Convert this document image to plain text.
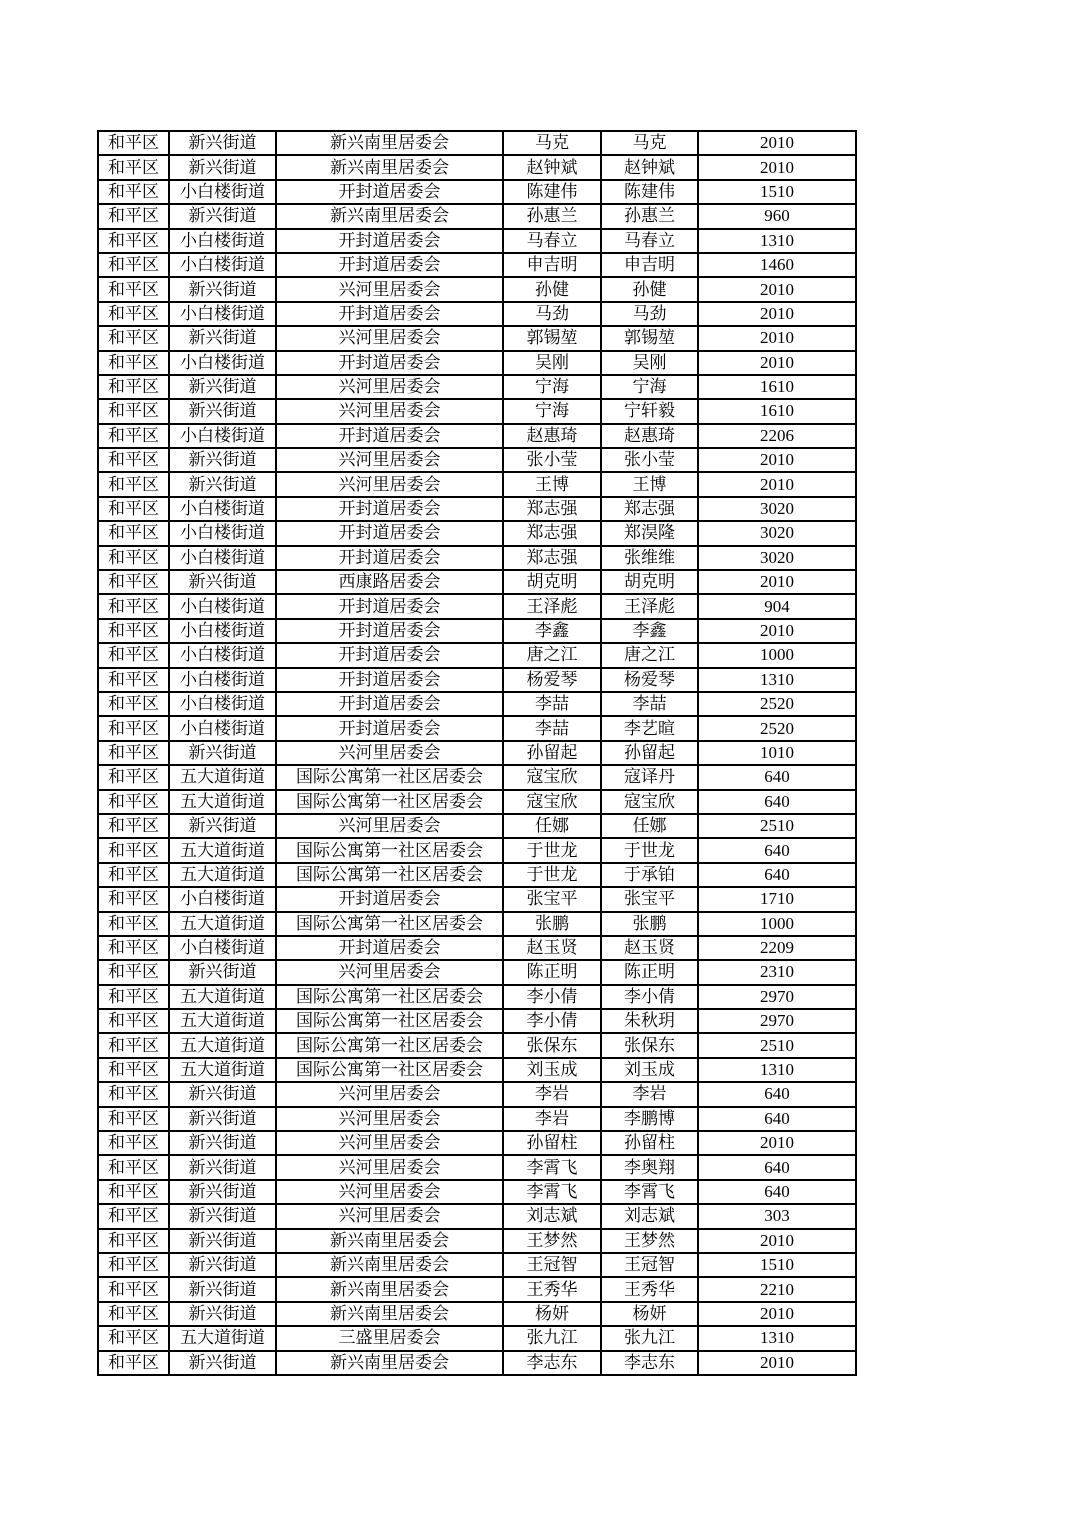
和平区	新兴街道	新兴南里居委会	马克	马克	2010
和平区	新兴街道	新兴南里居委会	赵钟斌	赵钟斌	2010
和平区	小白楼街道	开封道居委会	陈建伟	陈建伟	1510
和平区	新兴街道	新兴南里居委会	孙惠兰	孙惠兰	960
和平区	小白楼街道	开封道居委会	马春立	马春立	1310
和平区	小白楼街道	开封道居委会	申吉明	申吉明	1460
和平区	新兴街道	兴河里居委会	孙健	孙健	2010
和平区	小白楼街道	开封道居委会	马劲	马劲	2010
和平区	新兴街道	兴河里居委会	郭锡堃	郭锡堃	2010
和平区	小白楼街道	开封道居委会	吴刚	吴刚	2010
和平区	新兴街道	兴河里居委会	宁海	宁海	1610
和平区	新兴街道	兴河里居委会	宁海	宁轩毅	1610
和平区	小白楼街道	开封道居委会	赵惠琦	赵惠琦	2206
和平区	新兴街道	兴河里居委会	张小莹	张小莹	2010
和平区	新兴街道	兴河里居委会	王博	王博	2010
和平区	小白楼街道	开封道居委会	郑志强	郑志强	3020
和平区	小白楼街道	开封道居委会	郑志强	郑淏隆	3020
和平区	小白楼街道	开封道居委会	郑志强	张维维	3020
和平区	新兴街道	西康路居委会	胡克明	胡克明	2010
和平区	小白楼街道	开封道居委会	王泽彪	王泽彪	904
和平区	小白楼街道	开封道居委会	李鑫	李鑫	2010
和平区	小白楼街道	开封道居委会	唐之江	唐之江	1000
和平区	小白楼街道	开封道居委会	杨爱琴	杨爱琴	1310
和平区	小白楼街道	开封道居委会	李喆	李喆	2520
和平区	小白楼街道	开封道居委会	李喆	李艺暄	2520
和平区	新兴街道	兴河里居委会	孙留起	孙留起	1010
和平区	五大道街道	国际公寓第一社区居委会	寇宝欣	寇译丹	640
和平区	五大道街道	国际公寓第一社区居委会	寇宝欣	寇宝欣	640
和平区	新兴街道	兴河里居委会	任娜	任娜	2510
和平区	五大道街道	国际公寓第一社区居委会	于世龙	于世龙	640
和平区	五大道街道	国际公寓第一社区居委会	于世龙	于承铂	640
和平区	小白楼街道	开封道居委会	张宝平	张宝平	1710
和平区	五大道街道	国际公寓第一社区居委会	张鹏	张鹏	1000
和平区	小白楼街道	开封道居委会	赵玉贤	赵玉贤	2209
和平区	新兴街道	兴河里居委会	陈正明	陈正明	2310
和平区	五大道街道	国际公寓第一社区居委会	李小倩	李小倩	2970
和平区	五大道街道	国际公寓第一社区居委会	李小倩	朱秋玥	2970
和平区	五大道街道	国际公寓第一社区居委会	张保东	张保东	2510
和平区	五大道街道	国际公寓第一社区居委会	刘玉成	刘玉成	1310
和平区	新兴街道	兴河里居委会	李岩	李岩	640
和平区	新兴街道	兴河里居委会	李岩	李鹏博	640
和平区	新兴街道	兴河里居委会	孙留柱	孙留柱	2010
和平区	新兴街道	兴河里居委会	李霄飞	李奥翔	640
和平区	新兴街道	兴河里居委会	李霄飞	李霄飞	640
和平区	新兴街道	兴河里居委会	刘志斌	刘志斌	303
和平区	新兴街道	新兴南里居委会	王梦然	王梦然	2010
和平区	新兴街道	新兴南里居委会	王冠智	王冠智	1510
和平区	新兴街道	新兴南里居委会	王秀华	王秀华	2210
和平区	新兴街道	新兴南里居委会	杨妍	杨妍	2010
和平区	五大道街道	三盛里居委会	张九江	张九江	1310
和平区	新兴街道	新兴南里居委会	李志东	李志东	2010
